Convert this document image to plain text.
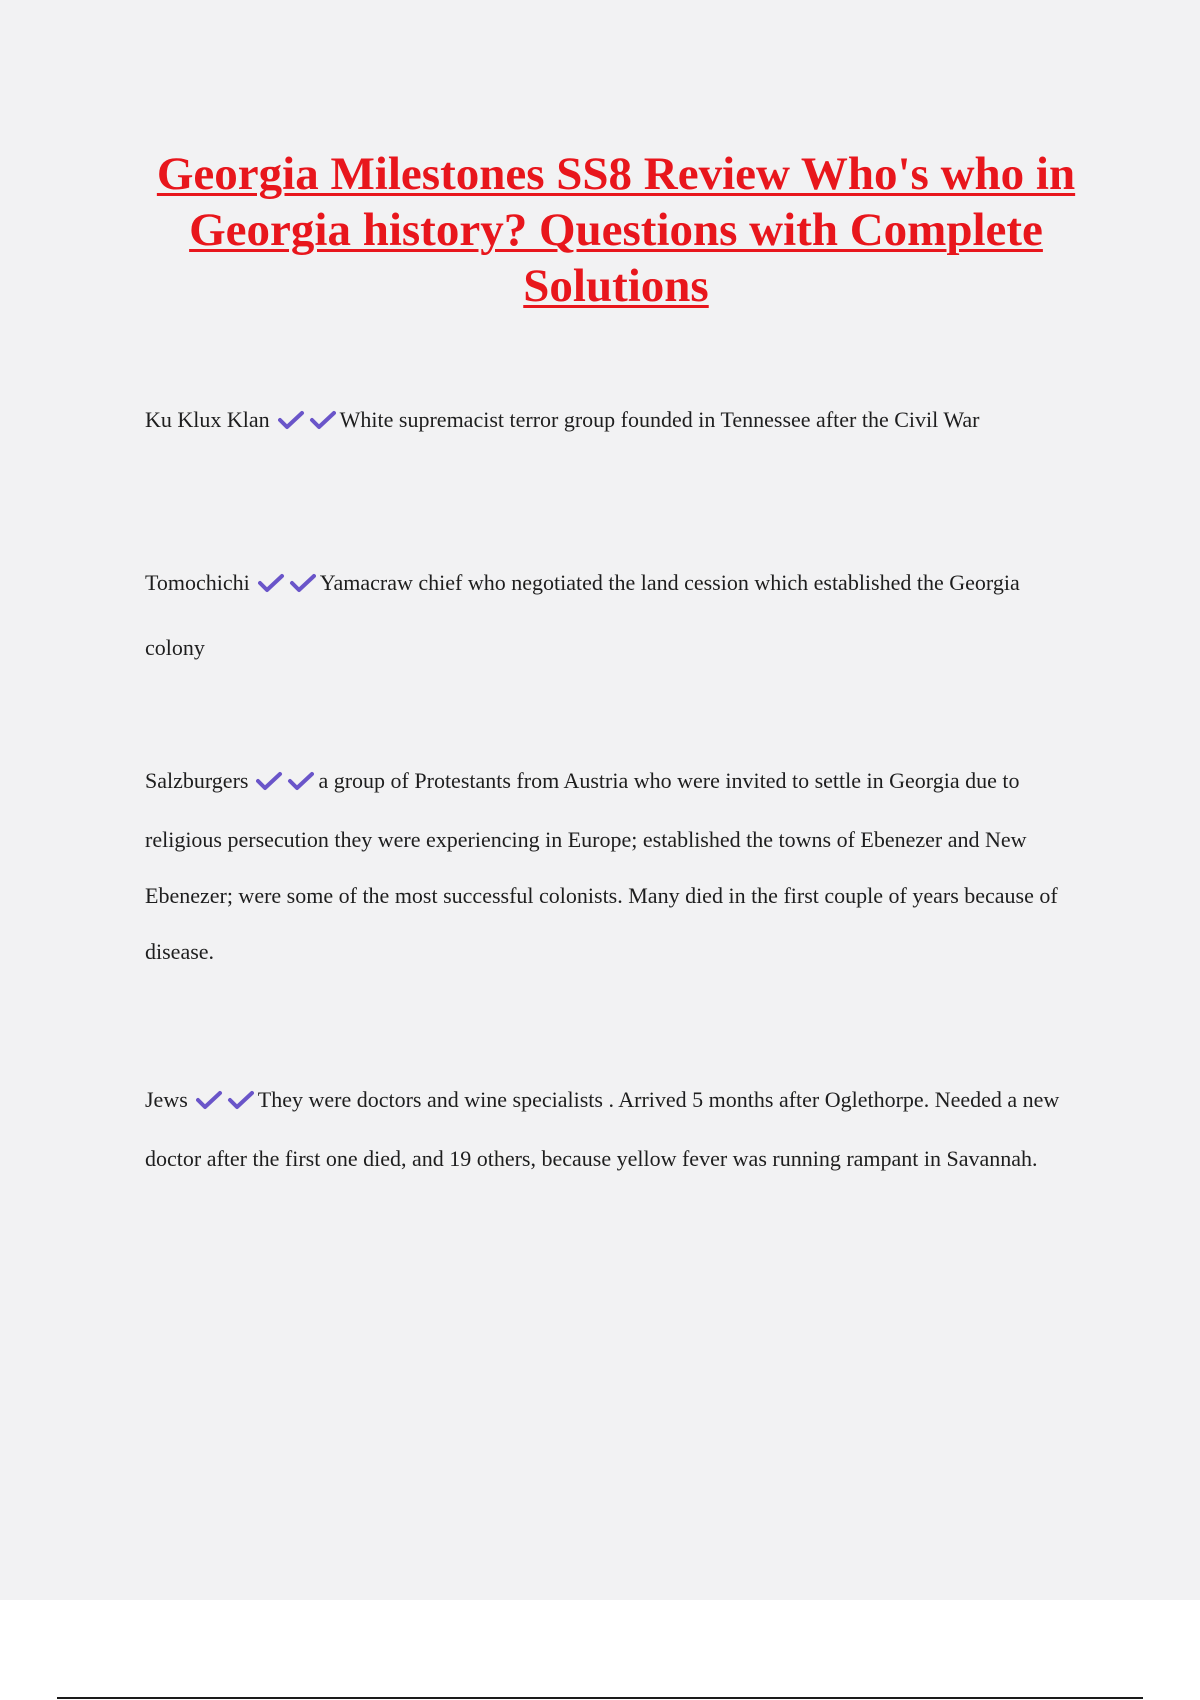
Georgia Milestones SS8 Review Who's who in Georgia history? Questions with Complete Solutions
Ku Klux Klan	White supremacist terror group founded in Tennessee after the Civil War
Tomochichi	Yamacraw chief who negotiated the land cession which established the Georgia colony
Salzburgers	a group of Protestants from Austria who were invited to settle in Georgia due to religious persecution they were experiencing in Europe; established the towns of Ebenezer and New Ebenezer; were some of the most successful colonists. Many died in the first couple of years because of disease.
Jews	They were doctors and wine specialists . Arrived 5 months after Oglethorpe. Needed a new doctor after the first one died, and 19 others, because yellow fever was running rampant in Savannah.
